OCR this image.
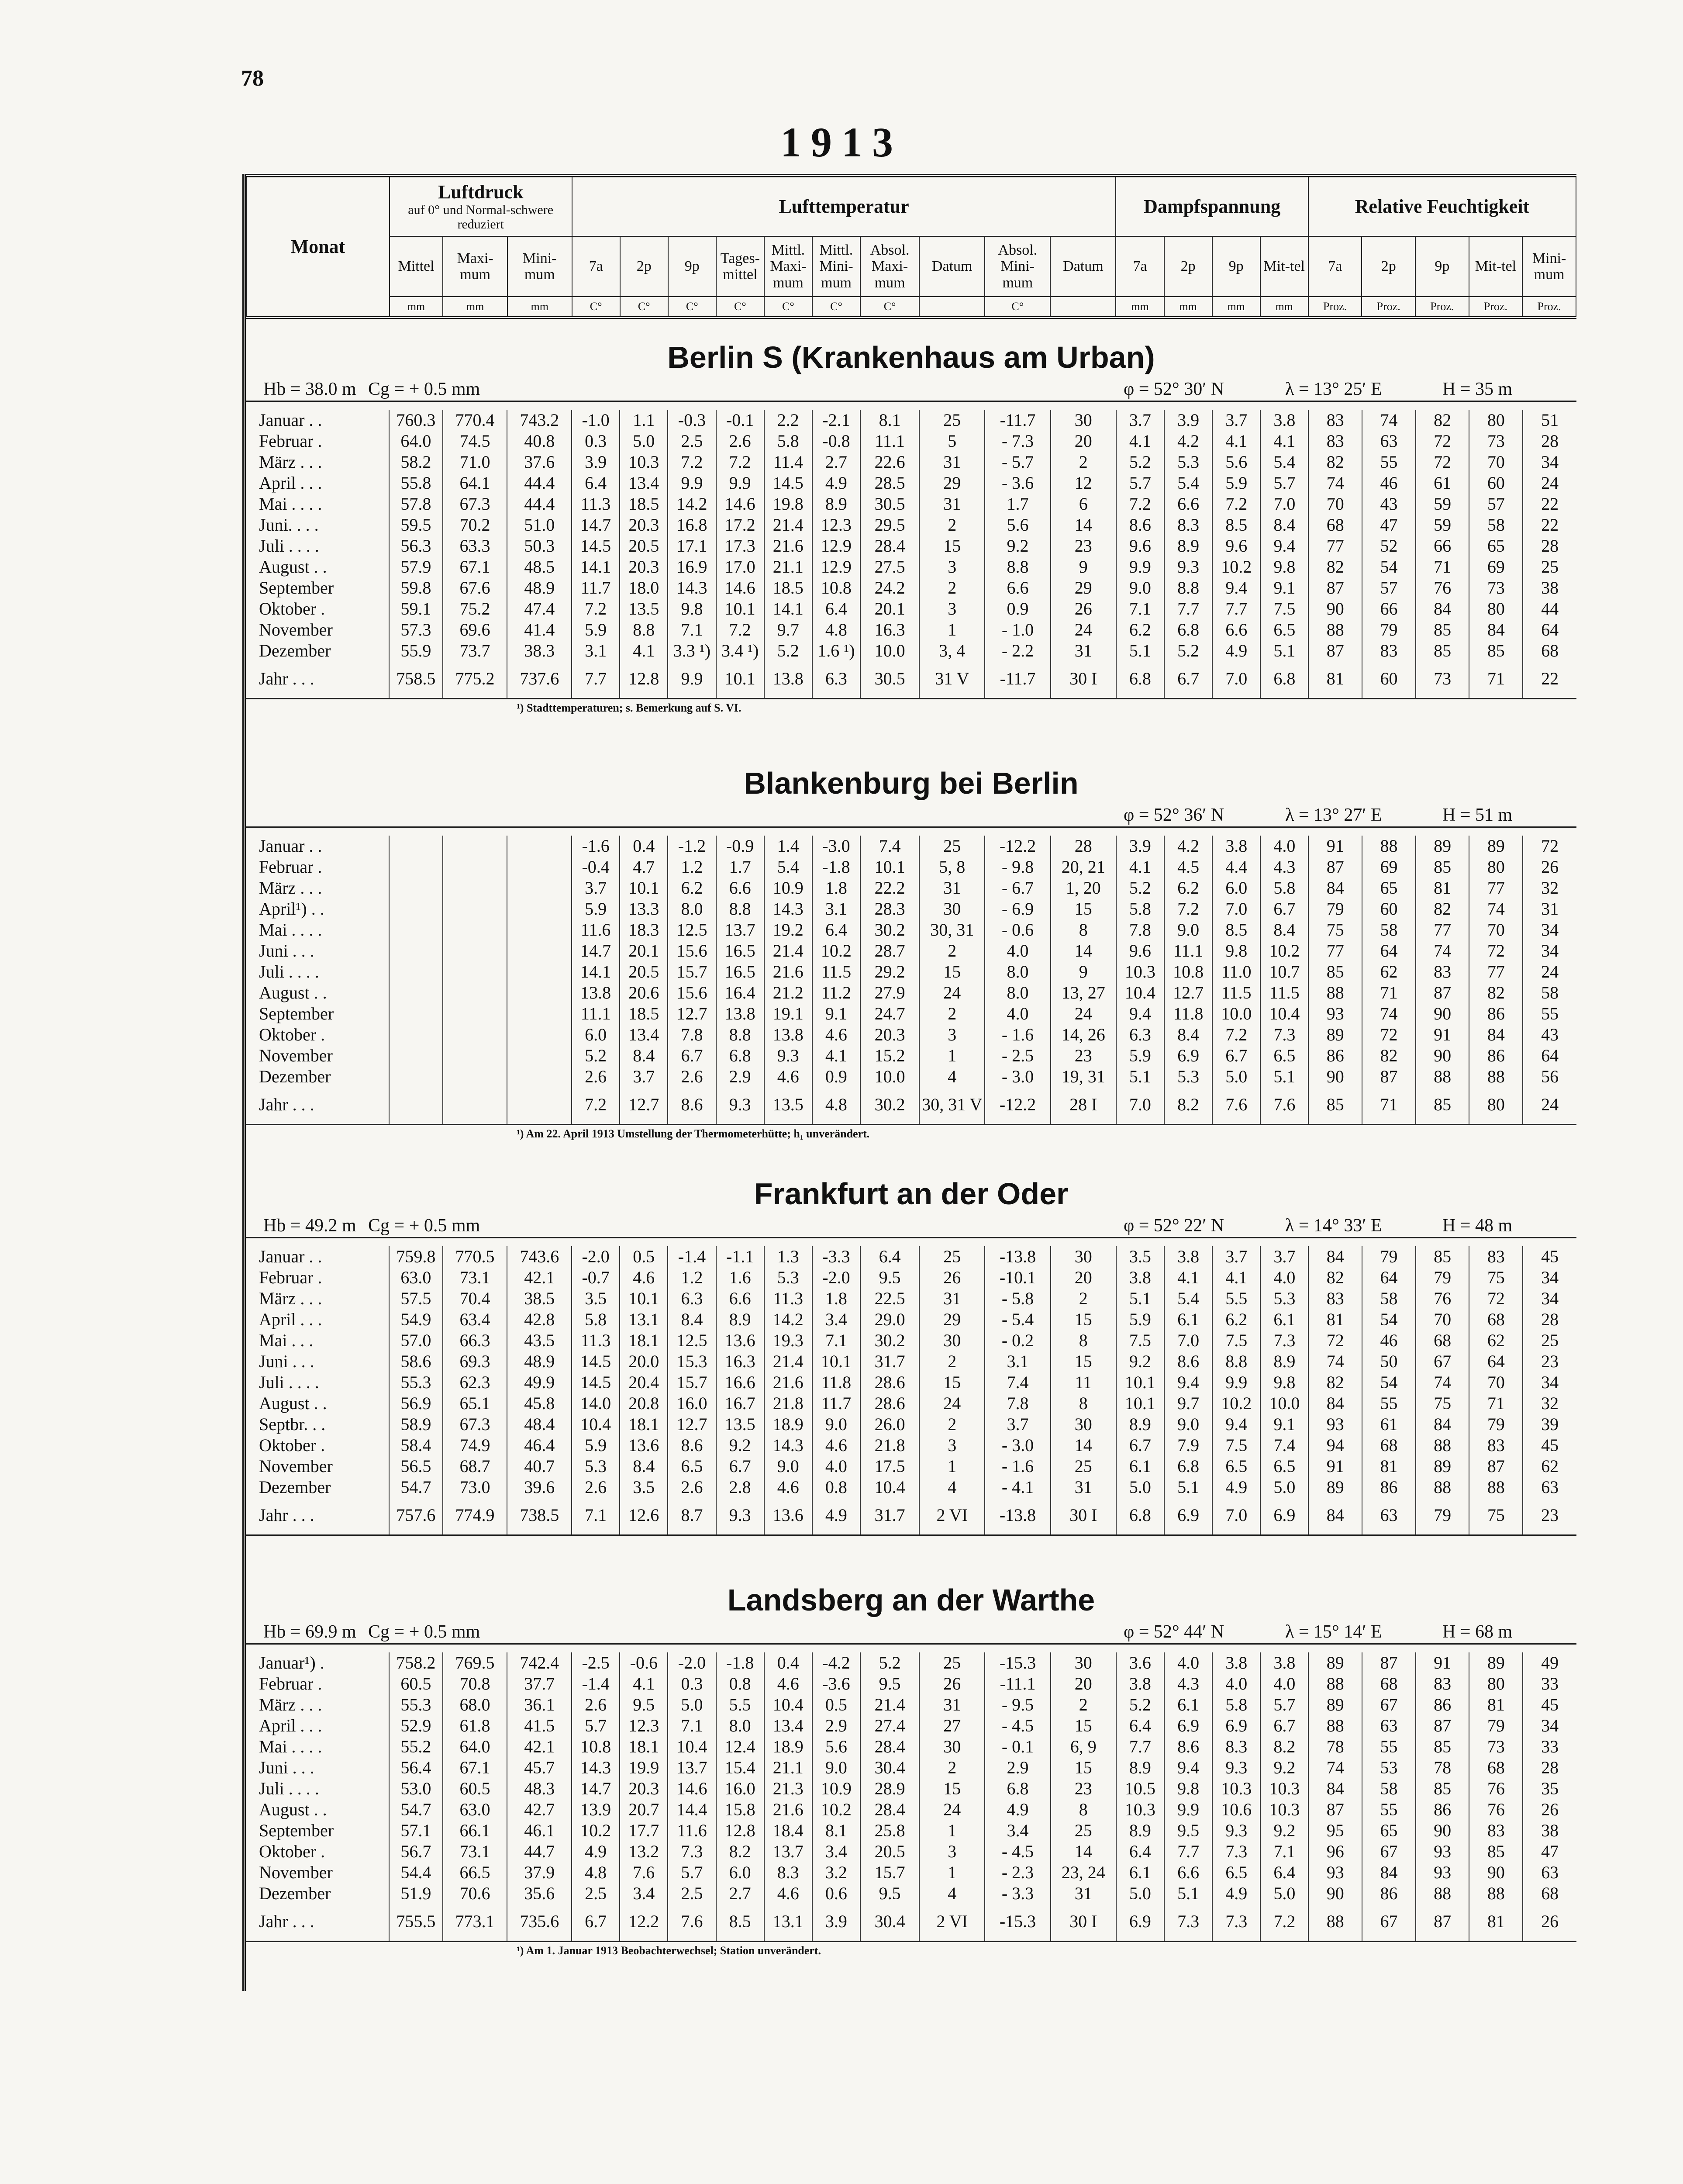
78
1913
Monat	Luftdruck
auf 0° und Normal-schwere reduziert			Lufttemperatur										Dampfspannung				Relative Feuchtigkeit				
	Mittel	Maxi-mum	Mini-mum	7a	2p	9p	Tages-mittel	Mittl. Maxi-mum	Mittl. Mini-mum	Absol. Maxi-mum	Datum	Absol. Mini-mum	Datum	7a	2p	9p	Mit-tel	7a	2p	9p	Mit-tel	Mini-mum
	mm	mm	mm	C°	C°	C°	C°	C°	C°	C°		C°		mm	mm	mm	mm	Proz.	Proz.	Proz.	Proz.	Proz.
Berlin S (Krankenhaus am Urban)
Hb = 38.0 m Cg = + 0.5 mm	φ = 52° 30′ N	λ = 13° 25′ E	H = 35 m
Januar . .	760.3	770.4	743.2	-1.0	1.1	-0.3	-0.1	2.2	-2.1	8.1	25	-11.7	30	3.7	3.9	3.7	3.8	83	74	82	80	51
Februar .	64.0	74.5	40.8	0.3	5.0	2.5	2.6	5.8	-0.8	11.1	5	- 7.3	20	4.1	4.2	4.1	4.1	83	63	72	73	28
März . . .	58.2	71.0	37.6	3.9	10.3	7.2	7.2	11.4	2.7	22.6	31	- 5.7	2	5.2	5.3	5.6	5.4	82	55	72	70	34
April . . .	55.8	64.1	44.4	6.4	13.4	9.9	9.9	14.5	4.9	28.5	29	- 3.6	12	5.7	5.4	5.9	5.7	74	46	61	60	24
Mai . . . .	57.8	67.3	44.4	11.3	18.5	14.2	14.6	19.8	8.9	30.5	31	1.7	6	7.2	6.6	7.2	7.0	70	43	59	57	22
Juni. . . .	59.5	70.2	51.0	14.7	20.3	16.8	17.2	21.4	12.3	29.5	2	5.6	14	8.6	8.3	8.5	8.4	68	47	59	58	22
Juli . . . .	56.3	63.3	50.3	14.5	20.5	17.1	17.3	21.6	12.9	28.4	15	9.2	23	9.6	8.9	9.6	9.4	77	52	66	65	28
August . .	57.9	67.1	48.5	14.1	20.3	16.9	17.0	21.1	12.9	27.5	3	8.8	9	9.9	9.3	10.2	9.8	82	54	71	69	25
September	59.8	67.6	48.9	11.7	18.0	14.3	14.6	18.5	10.8	24.2	2	6.6	29	9.0	8.8	9.4	9.1	87	57	76	73	38
Oktober .	59.1	75.2	47.4	7.2	13.5	9.8	10.1	14.1	6.4	20.1	3	0.9	26	7.1	7.7	7.7	7.5	90	66	84	80	44
November	57.3	69.6	41.4	5.9	8.8	7.1	7.2	9.7	4.8	16.3	1	- 1.0	24	6.2	6.8	6.6	6.5	88	79	85	84	64
Dezember	55.9	73.7	38.3	3.1	4.1	3.3 ¹)	3.4 ¹)	5.2	1.6 ¹)	10.0	3, 4	- 2.2	31	5.1	5.2	4.9	5.1	87	83	85	85	68
Jahr . . .	758.5	775.2	737.6	7.7	12.8	9.9	10.1	13.8	6.3	30.5	31 V	-11.7	30 I	6.8	6.7	7.0	6.8	81	60	73	71	22
¹) Stadttemperaturen; s. Bemerkung auf S. VI.
Blankenburg bei Berlin
φ = 52° 36′ N	λ = 13° 27′ E	H = 51 m
Januar . .				-1.6	0.4	-1.2	-0.9	1.4	-3.0	7.4	25	-12.2	28	3.9	4.2	3.8	4.0	91	88	89	89	72
Februar .				-0.4	4.7	1.2	1.7	5.4	-1.8	10.1	5, 8	- 9.8	20, 21	4.1	4.5	4.4	4.3	87	69	85	80	26
März . . .				3.7	10.1	6.2	6.6	10.9	1.8	22.2	31	- 6.7	1, 20	5.2	6.2	6.0	5.8	84	65	81	77	32
April¹) . .				5.9	13.3	8.0	8.8	14.3	3.1	28.3	30	- 6.9	15	5.8	7.2	7.0	6.7	79	60	82	74	31
Mai . . . .				11.6	18.3	12.5	13.7	19.2	6.4	30.2	30, 31	- 0.6	8	7.8	9.0	8.5	8.4	75	58	77	70	34
Juni . . .				14.7	20.1	15.6	16.5	21.4	10.2	28.7	2	4.0	14	9.6	11.1	9.8	10.2	77	64	74	72	34
Juli . . . .				14.1	20.5	15.7	16.5	21.6	11.5	29.2	15	8.0	9	10.3	10.8	11.0	10.7	85	62	83	77	24
August . .				13.8	20.6	15.6	16.4	21.2	11.2	27.9	24	8.0	13, 27	10.4	12.7	11.5	11.5	88	71	87	82	58
September				11.1	18.5	12.7	13.8	19.1	9.1	24.7	2	4.0	24	9.4	11.8	10.0	10.4	93	74	90	86	55
Oktober .				6.0	13.4	7.8	8.8	13.8	4.6	20.3	3	- 1.6	14, 26	6.3	8.4	7.2	7.3	89	72	91	84	43
November				5.2	8.4	6.7	6.8	9.3	4.1	15.2	1	- 2.5	23	5.9	6.9	6.7	6.5	86	82	90	86	64
Dezember				2.6	3.7	2.6	2.9	4.6	0.9	10.0	4	- 3.0	19, 31	5.1	5.3	5.0	5.1	90	87	88	88	56
Jahr . . .				7.2	12.7	8.6	9.3	13.5	4.8	30.2	30, 31 V	-12.2	28 I	7.0	8.2	7.6	7.6	85	71	85	80	24
¹) Am 22. April 1913 Umstellung der Thermometerhütte; h₁ unverändert.
Frankfurt an der Oder
Hb = 49.2 m Cg = + 0.5 mm	φ = 52° 22′ N	λ = 14° 33′ E	H = 48 m
Januar . .	759.8	770.5	743.6	-2.0	0.5	-1.4	-1.1	1.3	-3.3	6.4	25	-13.8	30	3.5	3.8	3.7	3.7	84	79	85	83	45
Februar .	63.0	73.1	42.1	-0.7	4.6	1.2	1.6	5.3	-2.0	9.5	26	-10.1	20	3.8	4.1	4.1	4.0	82	64	79	75	34
März . . .	57.5	70.4	38.5	3.5	10.1	6.3	6.6	11.3	1.8	22.5	31	- 5.8	2	5.1	5.4	5.5	5.3	83	58	76	72	34
April . . .	54.9	63.4	42.8	5.8	13.1	8.4	8.9	14.2	3.4	29.0	29	- 5.4	15	5.9	6.1	6.2	6.1	81	54	70	68	28
Mai . . .	57.0	66.3	43.5	11.3	18.1	12.5	13.6	19.3	7.1	30.2	30	- 0.2	8	7.5	7.0	7.5	7.3	72	46	68	62	25
Juni . . .	58.6	69.3	48.9	14.5	20.0	15.3	16.3	21.4	10.1	31.7	2	3.1	15	9.2	8.6	8.8	8.9	74	50	67	64	23
Juli . . . .	55.3	62.3	49.9	14.5	20.4	15.7	16.6	21.6	11.8	28.6	15	7.4	11	10.1	9.4	9.9	9.8	82	54	74	70	34
August . .	56.9	65.1	45.8	14.0	20.8	16.0	16.7	21.8	11.7	28.6	24	7.8	8	10.1	9.7	10.2	10.0	84	55	75	71	32
Septbr. . .	58.9	67.3	48.4	10.4	18.1	12.7	13.5	18.9	9.0	26.0	2	3.7	30	8.9	9.0	9.4	9.1	93	61	84	79	39
Oktober .	58.4	74.9	46.4	5.9	13.6	8.6	9.2	14.3	4.6	21.8	3	- 3.0	14	6.7	7.9	7.5	7.4	94	68	88	83	45
November	56.5	68.7	40.7	5.3	8.4	6.5	6.7	9.0	4.0	17.5	1	- 1.6	25	6.1	6.8	6.5	6.5	91	81	89	87	62
Dezember	54.7	73.0	39.6	2.6	3.5	2.6	2.8	4.6	0.8	10.4	4	- 4.1	31	5.0	5.1	4.9	5.0	89	86	88	88	63
Jahr . . .	757.6	774.9	738.5	7.1	12.6	8.7	9.3	13.6	4.9	31.7	2 VI	-13.8	30 I	6.8	6.9	7.0	6.9	84	63	79	75	23
Landsberg an der Warthe
Hb = 69.9 m Cg = + 0.5 mm	φ = 52° 44′ N	λ = 15° 14′ E	H = 68 m
Januar¹) .	758.2	769.5	742.4	-2.5	-0.6	-2.0	-1.8	0.4	-4.2	5.2	25	-15.3	30	3.6	4.0	3.8	3.8	89	87	91	89	49
Februar .	60.5	70.8	37.7	-1.4	4.1	0.3	0.8	4.6	-3.6	9.5	26	-11.1	20	3.8	4.3	4.0	4.0	88	68	83	80	33
März . . .	55.3	68.0	36.1	2.6	9.5	5.0	5.5	10.4	0.5	21.4	31	- 9.5	2	5.2	6.1	5.8	5.7	89	67	86	81	45
April . . .	52.9	61.8	41.5	5.7	12.3	7.1	8.0	13.4	2.9	27.4	27	- 4.5	15	6.4	6.9	6.9	6.7	88	63	87	79	34
Mai . . . .	55.2	64.0	42.1	10.8	18.1	10.4	12.4	18.9	5.6	28.4	30	- 0.1	6, 9	7.7	8.6	8.3	8.2	78	55	85	73	33
Juni . . .	56.4	67.1	45.7	14.3	19.9	13.7	15.4	21.1	9.0	30.4	2	2.9	15	8.9	9.4	9.3	9.2	74	53	78	68	28
Juli . . . .	53.0	60.5	48.3	14.7	20.3	14.6	16.0	21.3	10.9	28.9	15	6.8	23	10.5	9.8	10.3	10.3	84	58	85	76	35
August . .	54.7	63.0	42.7	13.9	20.7	14.4	15.8	21.6	10.2	28.4	24	4.9	8	10.3	9.9	10.6	10.3	87	55	86	76	26
September	57.1	66.1	46.1	10.2	17.7	11.6	12.8	18.4	8.1	25.8	1	3.4	25	8.9	9.5	9.3	9.2	95	65	90	83	38
Oktober .	56.7	73.1	44.7	4.9	13.2	7.3	8.2	13.7	3.4	20.5	3	- 4.5	14	6.4	7.7	7.3	7.1	96	67	93	85	47
November	54.4	66.5	37.9	4.8	7.6	5.7	6.0	8.3	3.2	15.7	1	- 2.3	23, 24	6.1	6.6	6.5	6.4	93	84	93	90	63
Dezember	51.9	70.6	35.6	2.5	3.4	2.5	2.7	4.6	0.6	9.5	4	- 3.3	31	5.0	5.1	4.9	5.0	90	86	88	88	68
Jahr . . .	755.5	773.1	735.6	6.7	12.2	7.6	8.5	13.1	3.9	30.4	2 VI	-15.3	30 I	6.9	7.3	7.3	7.2	88	67	87	81	26
¹) Am 1. Januar 1913 Beobachterwechsel; Station unverändert.
